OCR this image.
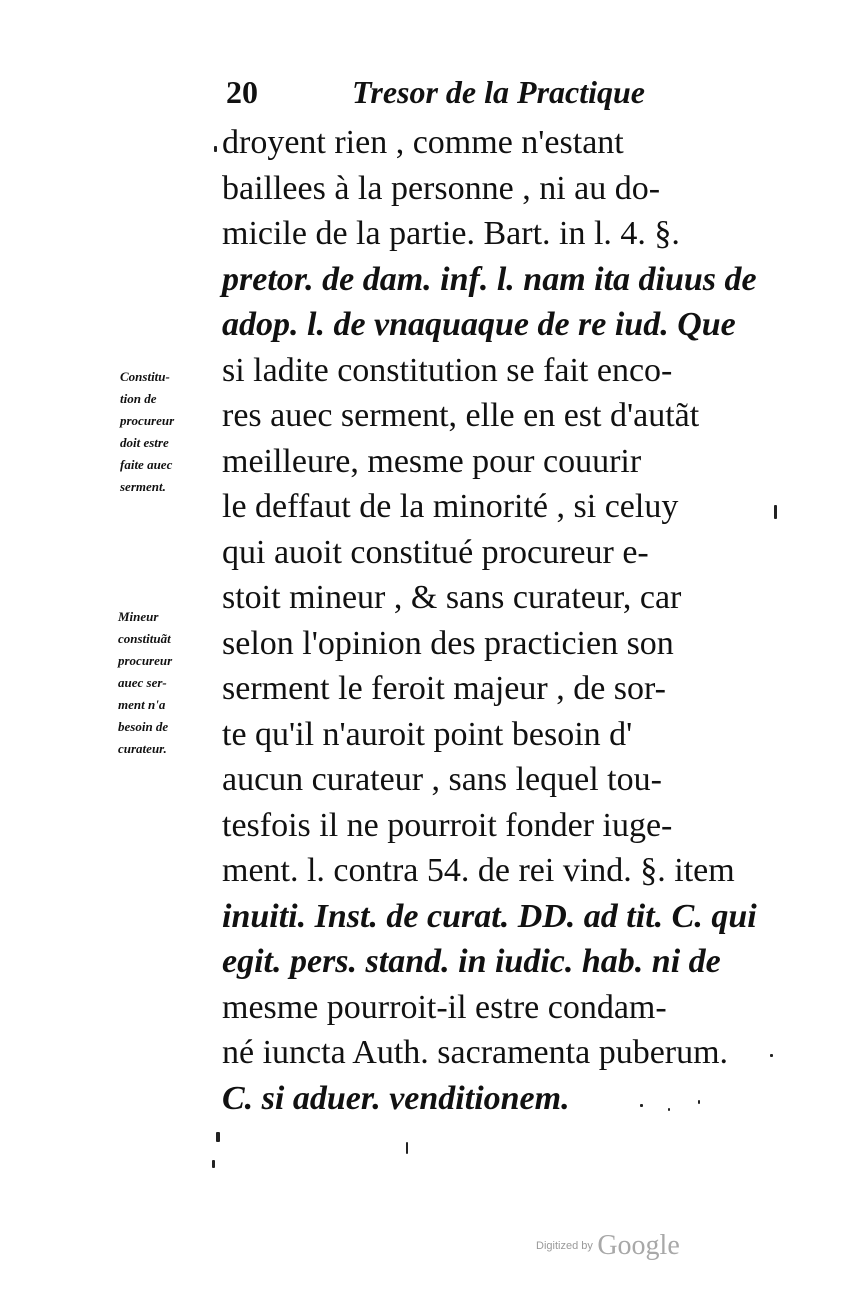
20	Tresor de la Practique
droyent rien , comme n'estant
baillees à la personne , ni au do-
micile de la partie. Bart. in l. 4. §.
pretor. de dam. inf. l. nam ita diuus de
adop. l. de vnaquaque de re iud. Que
si ladite constitution se fait enco-
res auec serment, elle en est d'autãt
meilleure, mesme pour couurir
le deffaut de la minorité , si celuy
qui auoit constitué procureur e-
stoit mineur , & sans curateur, car
selon l'opinion des practicien son
serment le feroit majeur , de sor-
te qu'il n'auroit point besoin d'
aucun curateur , sans lequel tou-
tesfois il ne pourroit fonder iuge-
ment. l. contra 54. de rei vind. §. item
inuiti. Inst. de curat. DD. ad tit. C. qui
egit. pers. stand. in iudic. hab. ni de
mesme pourroit-il estre condam-
né iuncta Auth. sacramenta puberum.
C. si aduer. venditionem.
Constitu-
tion de
procureur
doit estre
faite auec
serment.
Mineur
constituãt
procureur
auec ser-
ment n'a
besoin de
curateur.
Digitized by Google
